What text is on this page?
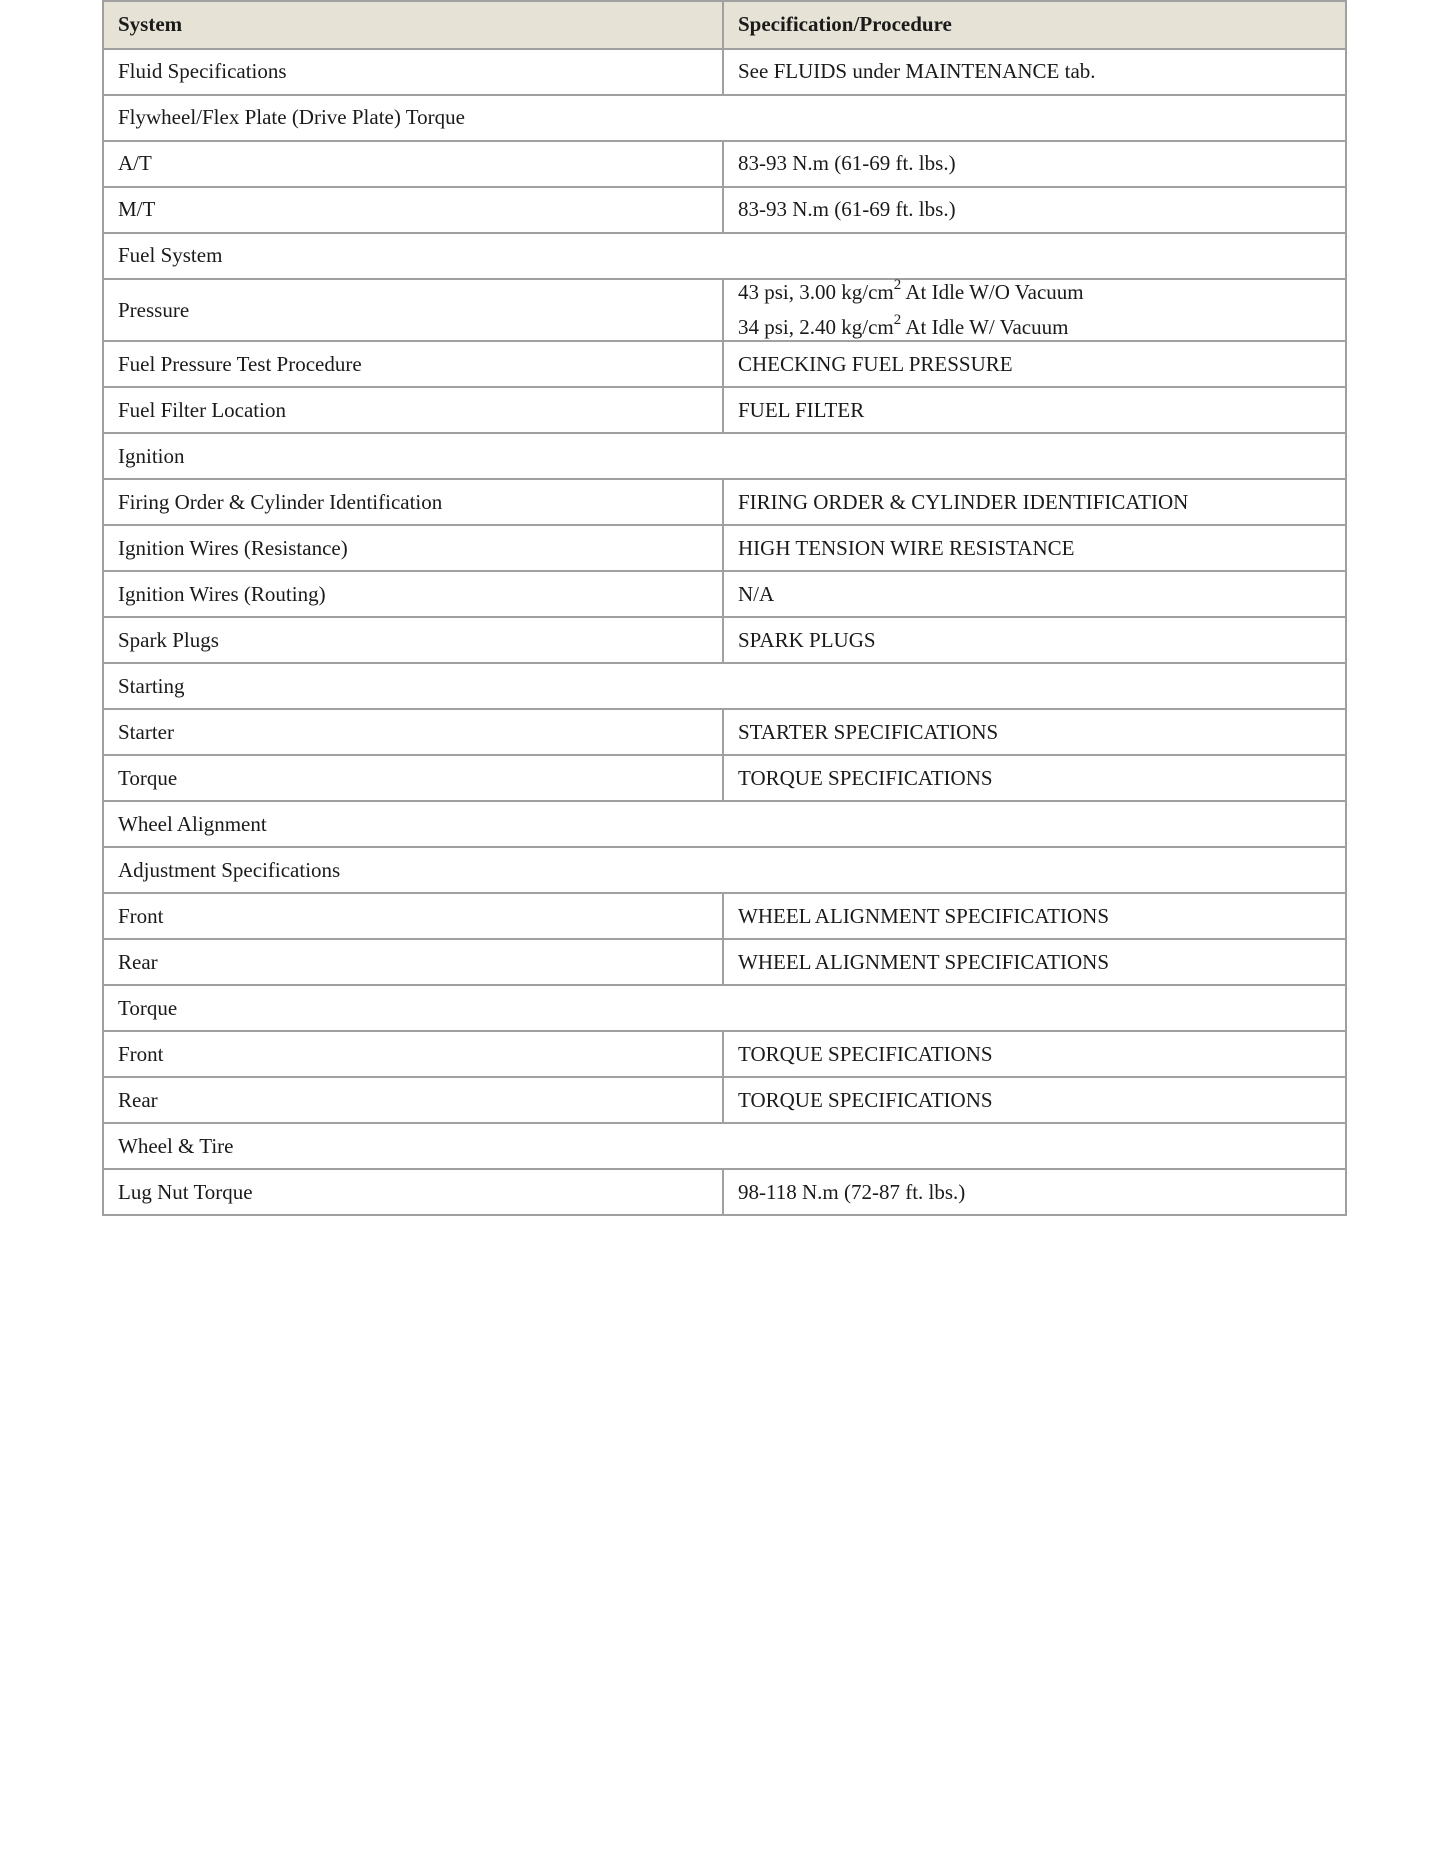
System	Specification/Procedure
Fluid Specifications	See FLUIDS under MAINTENANCE tab.
Flywheel/Flex Plate (Drive Plate) Torque	
A/T	83-93 N.m (61-69 ft. lbs.)
M/T	83-93 N.m (61-69 ft. lbs.)
Fuel System	
Pressure	43 psi, 3.00 $kg/cm^2$ At Idle W/O Vacuum
34 psi, 2.40 $kg/cm^2$ At Idle W/ Vacuum

Fuel Pressure Test Procedure	CHECKING FUEL PRESSURE
Fuel Filter Location	FUEL FILTER
Ignition	
Firing Order & Cylinder Identification	FIRING ORDER & CYLINDER IDENTIFICATION
Ignition Wires (Resistance)	HIGH TENSION WIRE RESISTANCE
Ignition Wires (Routing)	N/A
Spark Plugs	SPARK PLUGS
Starting	
Starter	STARTER SPECIFICATIONS
Torque	TORQUE SPECIFICATIONS
Wheel Alignment	
Adjustment Specifications	
Front	WHEEL ALIGNMENT SPECIFICATIONS
Rear	WHEEL ALIGNMENT SPECIFICATIONS
Torque	
Front	TORQUE SPECIFICATIONS
Rear	TORQUE SPECIFICATIONS
Wheel & Tire	
Lug Nut Torque	98-118 N.m (72-87 ft. lbs.)
